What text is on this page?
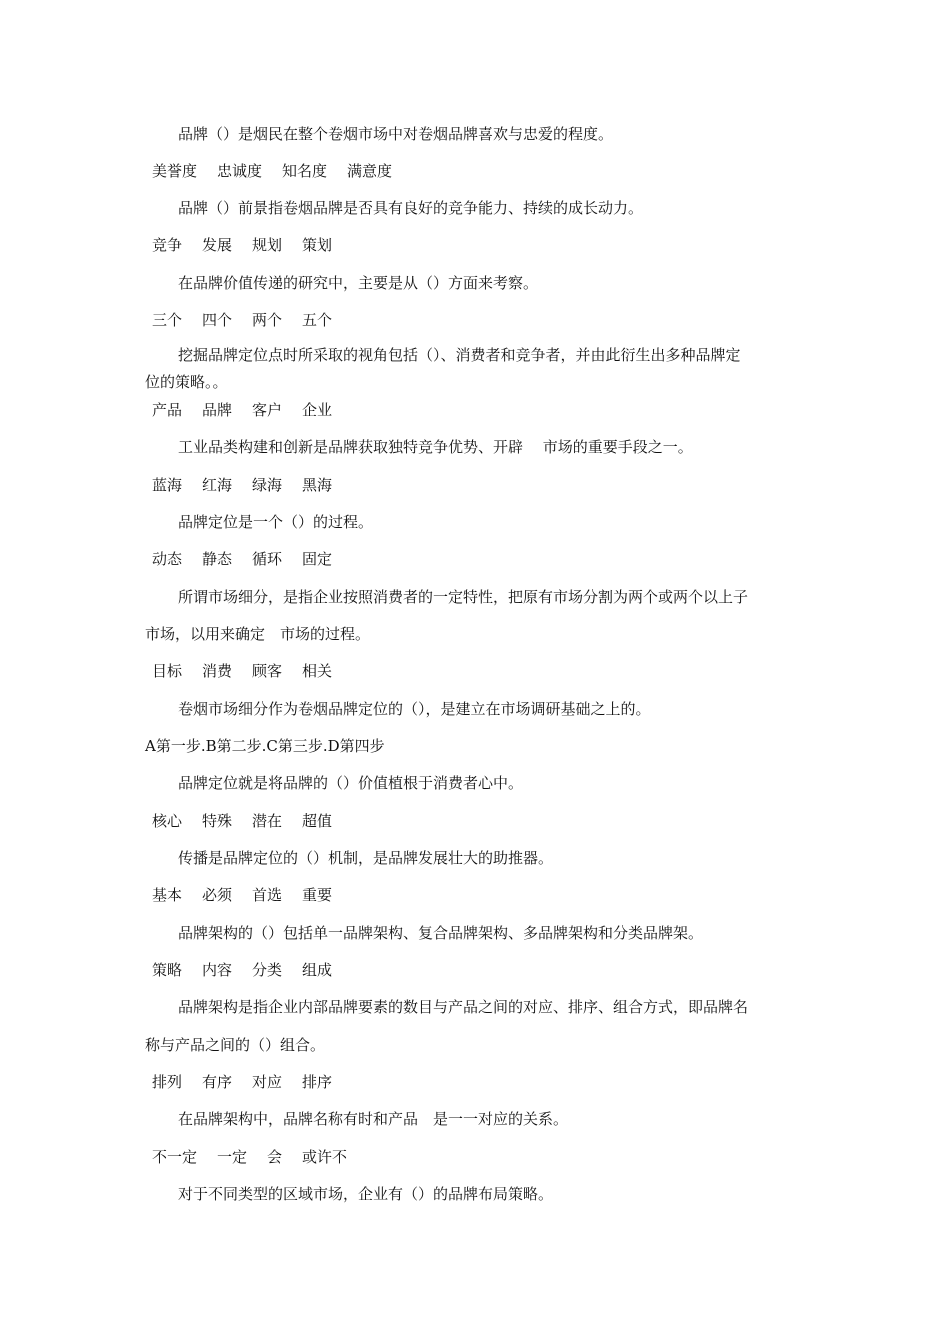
品牌（）是烟民在整个卷烟市场中对卷烟品牌喜欢与忠爱的程度。
美誉度 忠诚度 知名度 满意度
品牌（）前景指卷烟品牌是否具有良好的竞争能力、持续的成长动力。
竞争 发展 规划 策划
在品牌价值传递的研究中，主要是从（）方面来考察。
三个 四个 两个 五个
挖掘品牌定位点时所采取的视角包括（）、消费者和竞争者，并由此衍生出多种品牌定
位的策略。。
产品 品牌 客户 企业
工业品类构建和创新是品牌获取独特竞争优势、开辟　 市场的重要手段之一。
蓝海 红海 绿海 黑海
品牌定位是一个（）的过程。
动态 静态 循环 固定
所谓市场细分，是指企业按照消费者的一定特性，把原有市场分割为两个或两个以上子
市场，以用来确定　市场的过程。
目标 消费 顾客 相关
卷烟市场细分作为卷烟品牌定位的（），是建立在市场调研基础之上的。
A第一步.B第二步.C第三步.D第四步
品牌定位就是将品牌的（）价值植根于消费者心中。
核心 特殊 潜在 超值
传播是品牌定位的（）机制，是品牌发展壮大的助推器。
基本 必须 首选 重要
品牌架构的（）包括单一品牌架构、复合品牌架构、多品牌架构和分类品牌架。
策略 内容 分类 组成
品牌架构是指企业内部品牌要素的数目与产品之间的对应、排序、组合方式，即品牌名
称与产品之间的（）组合。
排列 有序 对应 排序
在品牌架构中，品牌名称有时和产品　是一一对应的关系。
不一定 一定 会 或许不
对于不同类型的区域市场，企业有（）的品牌布局策略。
